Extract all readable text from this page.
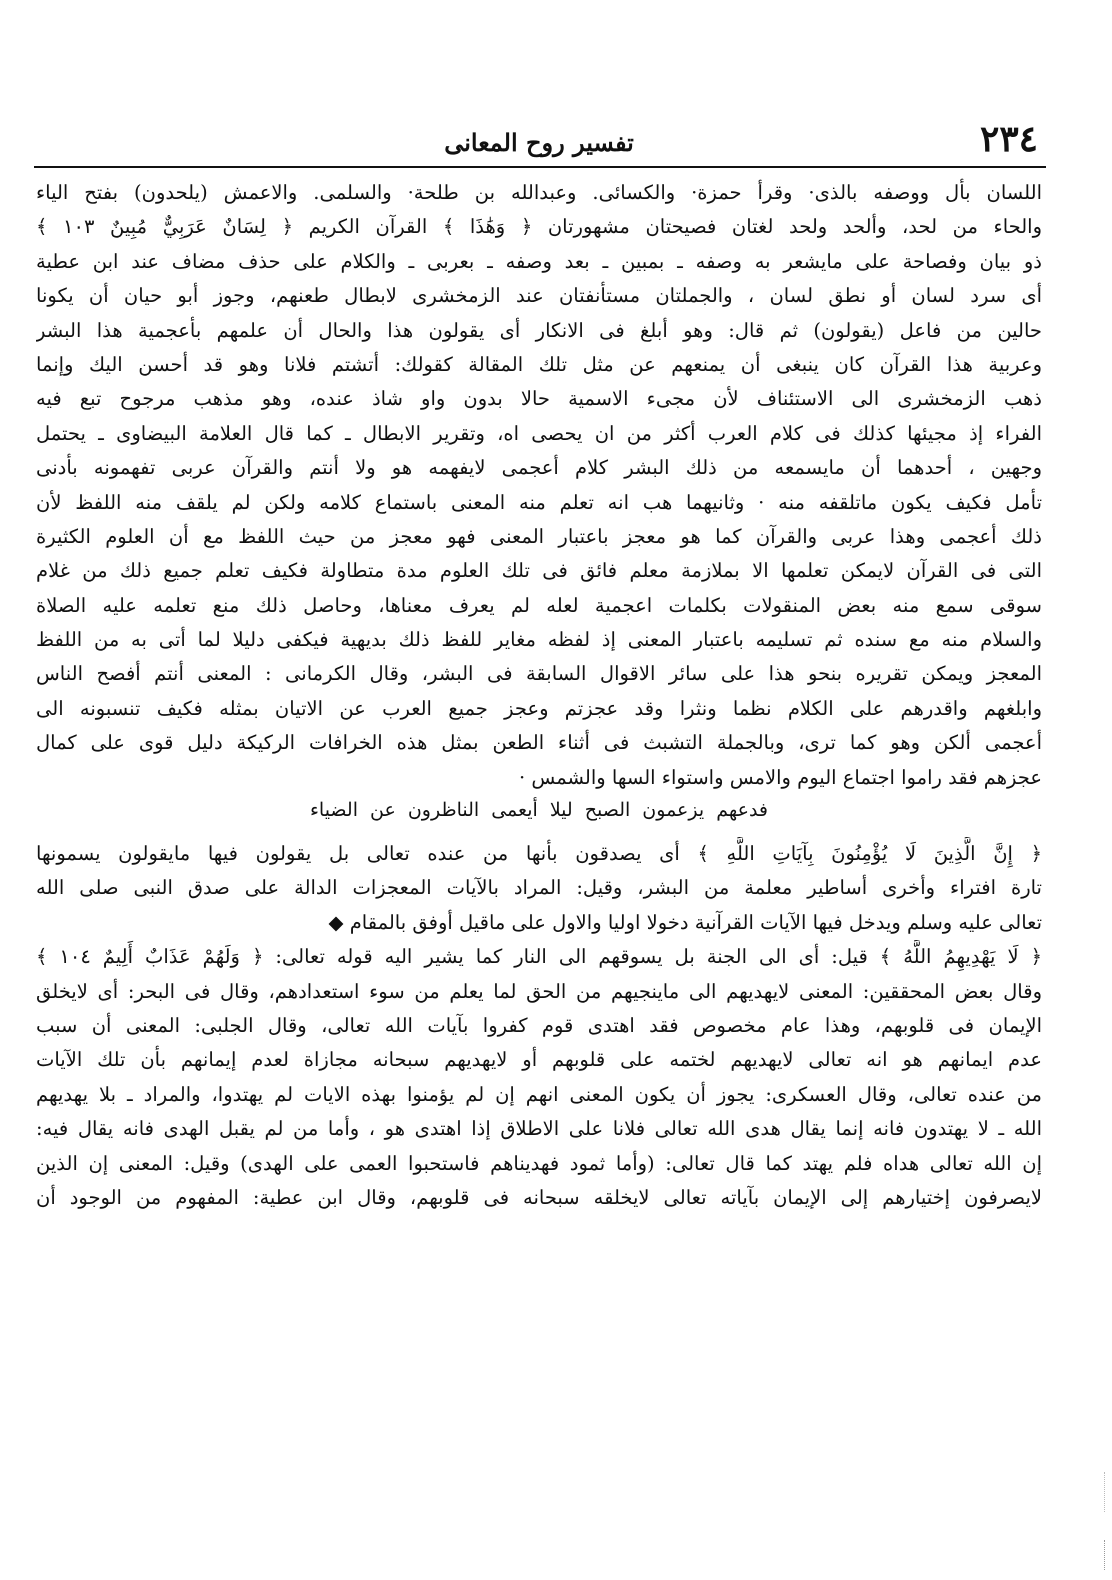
٢٣٤
تفسير روح المعانى
اللسان بأل ووصفه بالذى· وقرأ حمزة· والكسائى. وعبدالله بن طلحة· والسلمى. والاعمش (يلحدون) بفتح الياء
والحاء من لحد، وألحد ولحد لغتان فصيحتان مشهورتان ﴿ وَهَٰذَا ﴾ القرآن الكريم ﴿ لِسَانٌ عَرَبِيٌّ مُبِينٌ ١٠٣ ﴾
ذو بيان وفصاحة على مايشعر به وصفه ـ بمبين ـ بعد وصفه ـ بعربى ـ والكلام على حذف مضاف عند ابن عطية
أى سرد لسان أو نطق لسان ، والجملتان مستأنفتان عند الزمخشرى لابطال طعنهم، وجوز أبو حيان أن يكونا
حالين من فاعل (يقولون) ثم قال: وهو أبلغ فى الانكار أى يقولون هذا والحال أن علمهم بأعجمية هذا البشر
وعربية هذا القرآن كان ينبغى أن يمنعهم عن مثل تلك المقالة كقولك: أتشتم فلانا وهو قد أحسن اليك وإنما
ذهب الزمخشرى الى الاستئناف لأن مجىء الاسمية حالا بدون واو شاذ عنده، وهو مذهب مرجوح تبع فيه
الفراء إذ مجيئها كذلك فى كلام العرب أكثر من ان يحصى اه، وتقرير الابطال ـ كما قال العلامة البيضاوى ـ يحتمل
وجهين ، أحدهما أن مايسمعه من ذلك البشر كلام أعجمى لايفهمه هو ولا أنتم والقرآن عربى تفهمونه بأدنى
تأمل فكيف يكون ماتلقفه منه · وثانيهما هب انه تعلم منه المعنى باستماع كلامه ولكن لم يلقف منه اللفظ لأن
ذلك أعجمى وهذا عربى والقرآن كما هو معجز باعتبار المعنى فهو معجز من حيث اللفظ مع أن العلوم الكثيرة
التى فى القرآن لايمكن تعلمها الا بملازمة معلم فائق فى تلك العلوم مدة متطاولة فكيف تعلم جميع ذلك من غلام
سوقى سمع منه بعض المنقولات بكلمات اعجمية لعله لم يعرف معناها، وحاصل ذلك منع تعلمه عليه الصلاة
والسلام منه مع سنده ثم تسليمه باعتبار المعنى إذ لفظه مغاير للفظ ذلك بديهية فيكفى دليلا لما أتى به من اللفظ
المعجز ويمكن تقريره بنحو هذا على سائر الاقوال السابقة فى البشر، وقال الكرمانى : المعنى أنتم أفصح الناس
وابلغهم واقدرهم على الكلام نظما ونثرا وقد عجزتم وعجز جميع العرب عن الاتيان بمثله فكيف تنسبونه الى
أعجمى ألكن وهو كما ترى، وبالجملة التشبث فى أثناء الطعن بمثل هذه الخرافات الركيكة دليل قوى على كمال
عجزهم فقد راموا اجتماع اليوم والامس واستواء السها والشمس ·
فدعهم يزعمون الصبح ليلا أيعمى الناظرون عن الضياء
﴿ إِنَّ الَّذِينَ لَا يُؤْمِنُونَ بِآيَاتِ اللَّهِ ﴾ أى يصدقون بأنها من عنده تعالى بل يقولون فيها مايقولون يسمونها
تارة افتراء وأخرى أساطير معلمة من البشر، وقيل: المراد بالآيات المعجزات الدالة على صدق النبى صلى الله
تعالى عليه وسلم ويدخل فيها الآيات القرآنية دخولا اوليا والاول على ماقيل أوفق بالمقام ◆
﴿ لَا يَهْدِيهِمُ اللَّهُ ﴾ قيل: أى الى الجنة بل يسوقهم الى النار كما يشير اليه قوله تعالى: ﴿ وَلَهُمْ عَذَابٌ أَلِيمٌ ١٠٤ ﴾
وقال بعض المحققين: المعنى لايهديهم الى ماينجيهم من الحق لما يعلم من سوء استعدادهم، وقال فى البحر: أى لايخلق
الإيمان فى قلوبهم، وهذا عام مخصوص فقد اهتدى قوم كفروا بآيات الله تعالى، وقال الجلبى: المعنى أن سبب
عدم ايمانهم هو انه تعالى لايهديهم لختمه على قلوبهم أو لايهديهم سبحانه مجازاة لعدم إيمانهم بأن تلك الآيات
من عنده تعالى، وقال العسكرى: يجوز أن يكون المعنى انهم إن لم يؤمنوا بهذه الايات لم يهتدوا، والمراد ـ بلا يهديهم
الله ـ لا يهتدون فانه إنما يقال هدى الله تعالى فلانا على الاطلاق إذا اهتدى هو ، وأما من لم يقبل الهدى فانه يقال فيه:
إن الله تعالى هداه فلم يهتد كما قال تعالى: (وأما ثمود فهديناهم فاستحبوا العمى على الهدى) وقيل: المعنى إن الذين
لايصرفون إختيارهم إلى الإيمان بآياته تعالى لايخلقه سبحانه فى قلوبهم، وقال ابن عطية: المفهوم من الوجود أن
